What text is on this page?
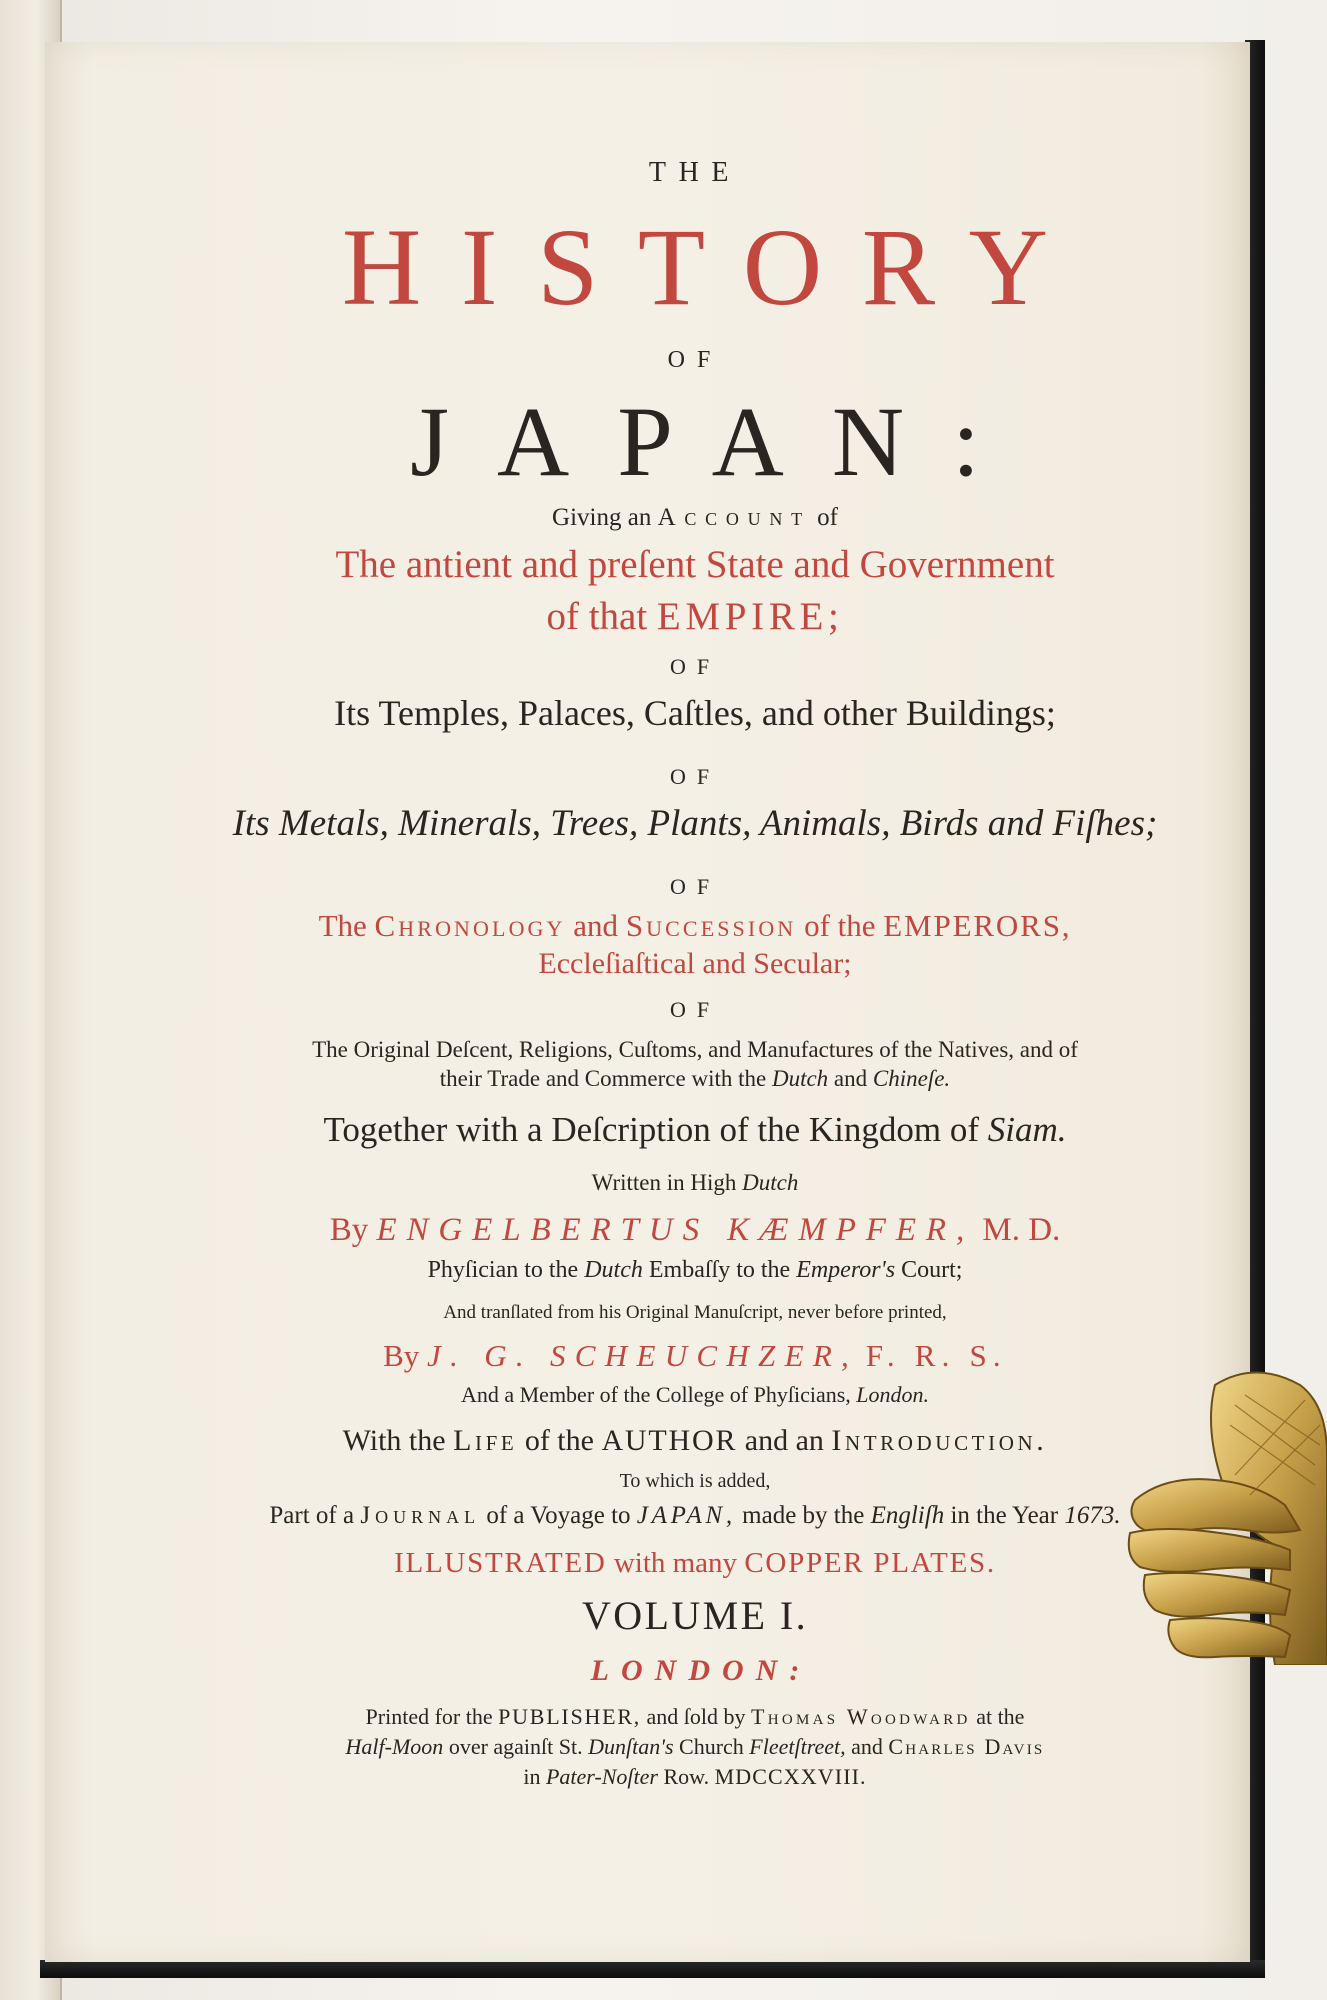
THE
HISTORY
OF
JAPAN:
Giving an Account of
The antient and preſent State and Government
of that EMPIRE;
OF
Its Temples, Palaces, Caſtles, and other Buildings;
OF
Its Metals, Minerals, Trees, Plants, Animals, Birds and Fiſhes;
OF
The Chronology and Succession of the EMPERORS,
Eccleſiaſtical and Secular;
OF
The Original Deſcent, Religions, Cuſtoms, and Manufactures of the Natives, and of
their Trade and Commerce with the Dutch and Chineſe.
Together with a Deſcription of the Kingdom of Siam.
Written in High Dutch
By ENGELBERTUS KÆMPFER, M. D.
Phyſician to the Dutch Embaſſy to the Emperor's Court;
And tranſlated from his Original Manuſcript, never before printed,
By J. G. SCHEUCHZER, F. R. S.
And a Member of the College of Phyſicians, London.
With the Life of the AUTHOR and an Introduction.
To which is added,
Part of a Journal of a Voyage to JAPAN, made by the Engliſh in the Year 1673.
ILLUSTRATED with many COPPER PLATES.
VOLUME I.
LONDON:
Printed for the PUBLISHER, and ſold by Thomas Woodward at the
Half-Moon over againſt St. Dunſtan's Church Fleetſtreet, and Charles Davis
in Pater-Noſter Row. MDCCXXVIII.
